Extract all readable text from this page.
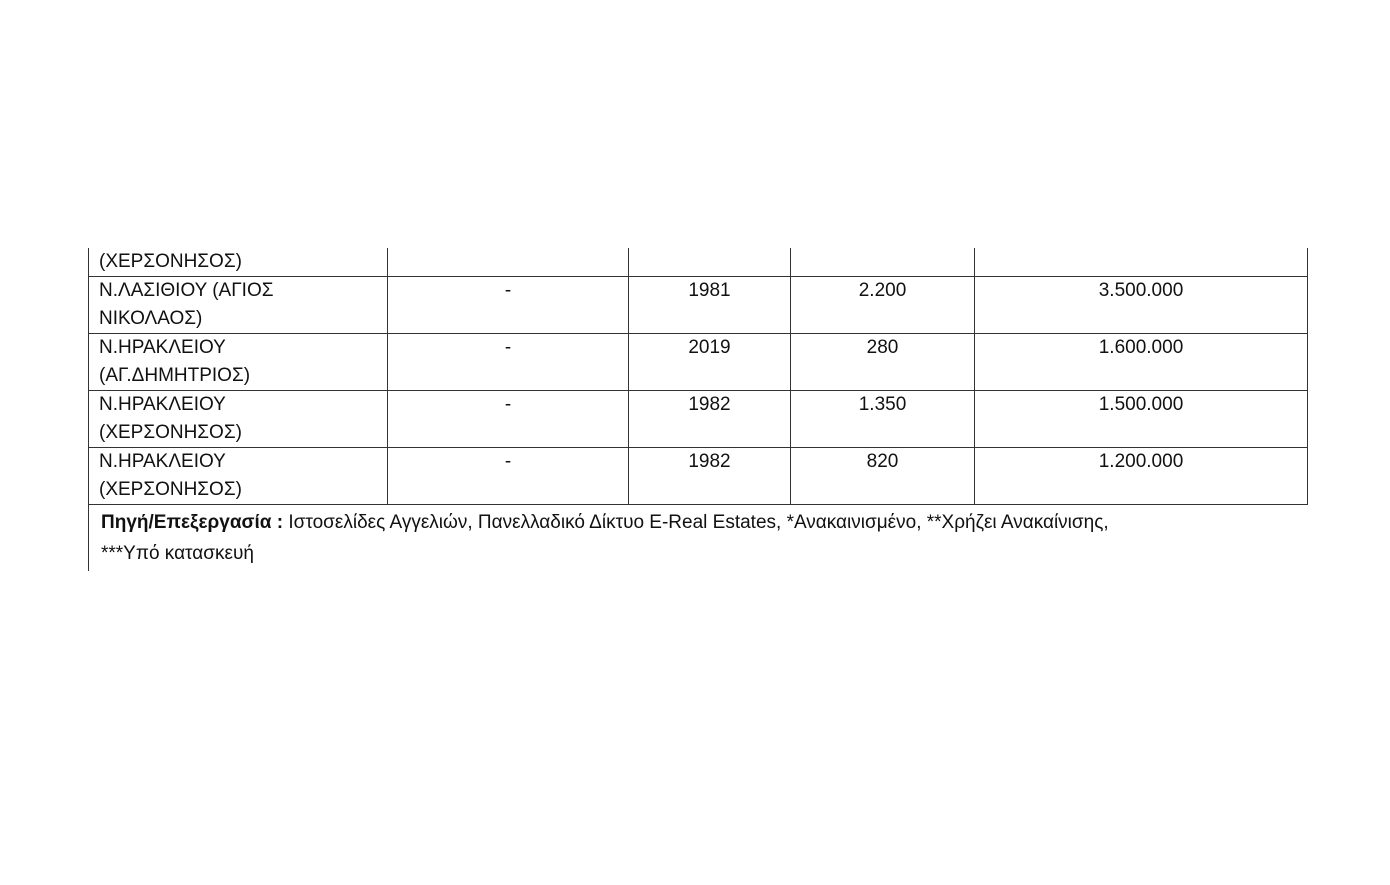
(ΧΕΡΣΟΝΗΣΟΣ)				
Ν.ΛΑΣΙΘΙΟΥ (ΑΓΙΟΣ
ΝΙΚΟΛΑΟΣ)	-	1981	2.200	3.500.000
Ν.ΗΡΑΚΛΕΙΟΥ
(ΑΓ.ΔΗΜΗΤΡΙΟΣ)	-	2019	280	1.600.000
Ν.ΗΡΑΚΛΕΙΟΥ
(ΧΕΡΣΟΝΗΣΟΣ)	-	1982	1.350	1.500.000
Ν.ΗΡΑΚΛΕΙΟΥ
(ΧΕΡΣΟΝΗΣΟΣ)	-	1982	820	1.200.000
Πηγή/Επεξεργασία : Ιστοσελίδες Αγγελιών, Πανελλαδικό Δίκτυο E-Real Estates, *Ανακαινισμένο, **Χρήζει Ανακαίνισης,
***Υπό κατασκευή				
